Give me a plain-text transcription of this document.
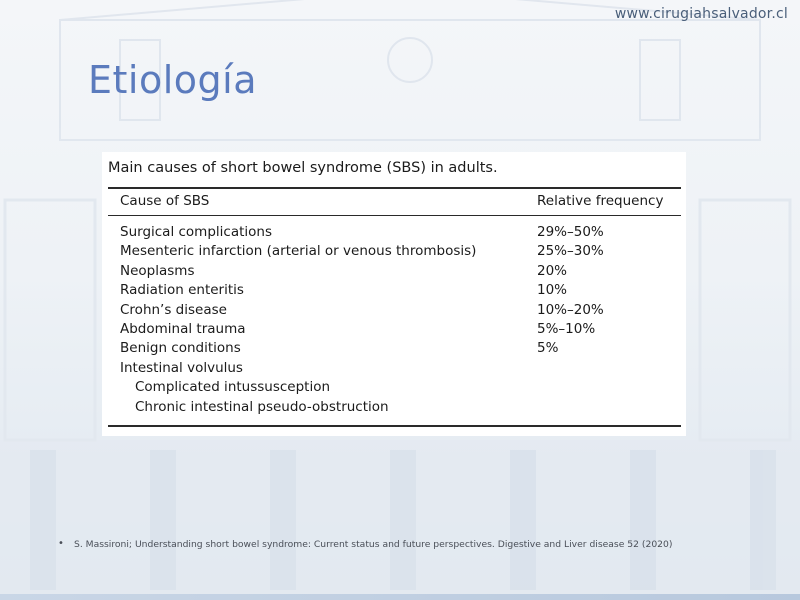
www.cirugiahsalvador.cl
Etiología
Main causes of short bowel syndrome (SBS) in adults.
Cause of SBS	Relative frequency
Surgical complications	29%–50%
Mesenteric infarction (arterial or venous thrombosis)	25%–30%
Neoplasms	20%
Radiation enteritis	10%
Crohn’s disease	10%–20%
Abdominal trauma	5%–10%
Benign conditions	5%
Intestinal volvulus
Complicated intussusception
Chronic intestinal pseudo-obstruction
• S. Massironi; Understanding short bowel syndrome: Current status and future perspectives. Digestive and Liver disease 52 (2020)
